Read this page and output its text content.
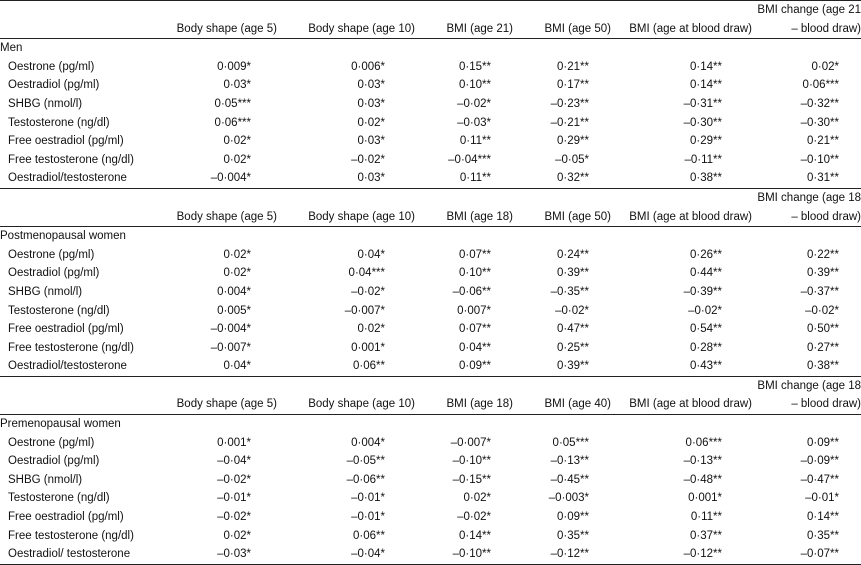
	Body shape (age 5)	Body shape (age 10)	BMI (age 21)	BMI (age 50)	BMI (age at blood draw)	BMI change (age 21 – blood draw)

Men						
Oestrone (pg/ml)	0·009*	0·006*	0·15**	0·21**	0·14**	0·02*
Oestradiol (pg/ml)	0·03*	0·03*	0·10**	0·17**	0·14**	0·06***
SHBG (nmol/l)	0·05***	0·03*	–0·02*	–0·23**	–0·31**	–0·32**
Testosterone (ng/dl)	0·06***	0·02*	–0·03*	–0·21**	–0·30**	–0·30**
Free oestradiol (pg/ml)	0·02*	0·03*	0·11**	0·29**	0·29**	0·21**
Free testosterone (ng/dl)	0·02*	–0·02*	–0·04***	–0·05*	–0·11**	–0·10**
Oestradiol/testosterone	–0·004*	0·03*	0·11**	0·32**	0·38**	0·31**

	Body shape (age 5)	Body shape (age 10)	BMI (age 18)	BMI (age 50)	BMI (age at blood draw)	BMI change (age 18 – blood draw)

Postmenopausal women						
Oestrone (pg/ml)	0·02*	0·04*	0·07**	0·24**	0·26**	0·22**
Oestradiol (pg/ml)	0·02*	0·04***	0·10**	0·39**	0·44**	0·39**
SHBG (nmol/l)	0·004*	–0·02*	–0·06**	–0·35**	–0·39**	–0·37**
Testosterone (ng/dl)	0·005*	–0·007*	0·007*	–0·02*	–0·02*	–0·02*
Free oestradiol (pg/ml)	–0·004*	0·02*	0·07**	0·47**	0·54**	0·50**
Free testosterone (ng/dl)	–0·007*	0·001*	0·04**	0·25**	0·28**	0·27**
Oestradiol/testosterone	0·04*	0·06**	0·09**	0·39**	0·43**	0·38**

	Body shape (age 5)	Body shape (age 10)	BMI (age 18)	BMI (age 40)	BMI (age at blood draw)	BMI change (age 18 – blood draw)

Premenopausal women						
Oestrone (pg/ml)	0·001*	0·004*	–0·007*	0·05***	0·06***	0·09**
Oestradiol (pg/ml)	–0·04*	–0·05**	–0·10**	–0·13**	–0·13**	–0·09**
SHBG (nmol/l)	–0·02*	–0·06**	–0·15**	–0·45**	–0·48**	–0·47**
Testosterone (ng/dl)	–0·01*	–0·01*	0·02*	–0·003*	0·001*	–0·01*
Free oestradiol (pg/ml)	–0·02*	–0·01*	–0·02*	0·09**	0·11**	0·14**
Free testosterone (ng/dl)	0·02*	0·06**	0·14**	0·35**	0·37**	0·35**
Oestradiol/ testosterone	–0·03*	–0·04*	–0·10**	–0·12**	–0·12**	–0·07**
